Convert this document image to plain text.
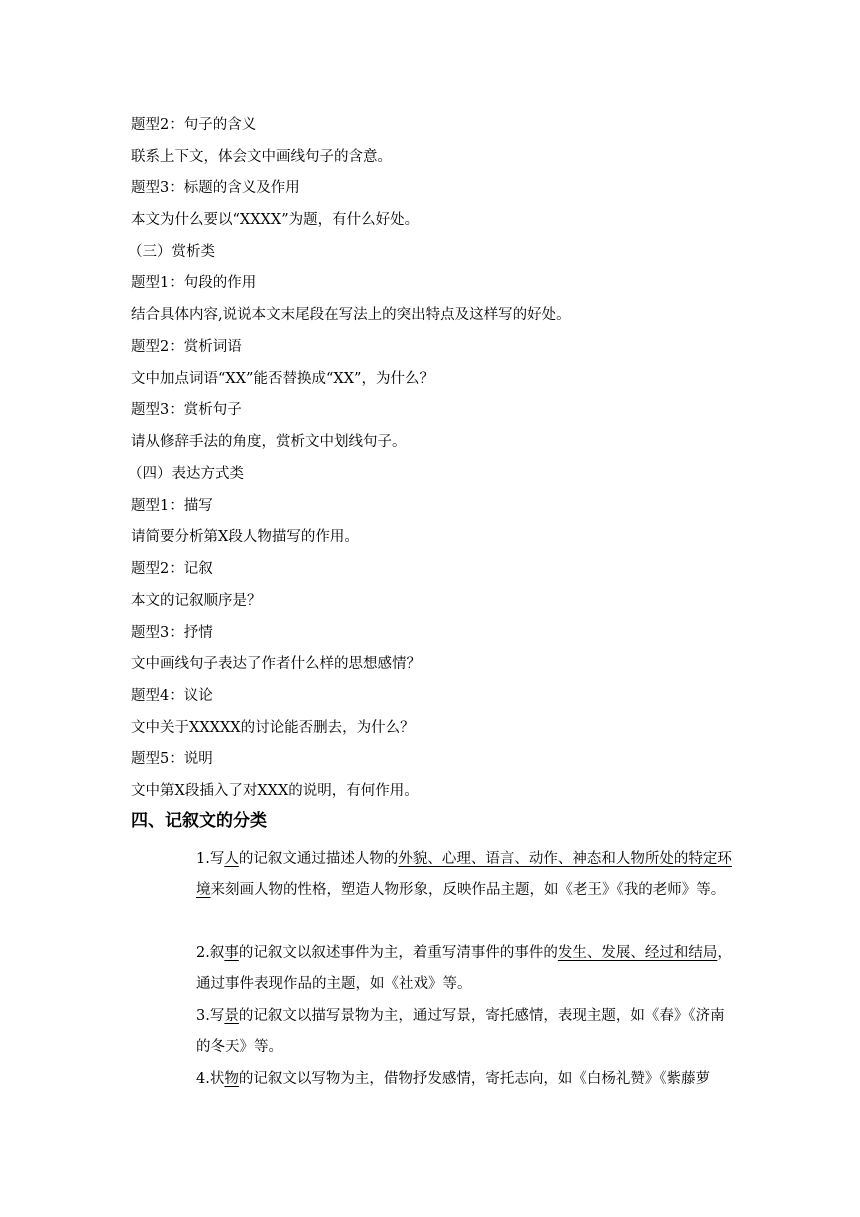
题型2：句子的含义
联系上下文，体会文中画线句子的含意。
题型3：标题的含义及作用
本文为什么要以“XXXX”为题，有什么好处。
（三）赏析类
题型1：句段的作用
结合具体内容,说说本文末尾段在写法上的突出特点及这样写的好处。
题型2：赏析词语
文中加点词语“XX”能否替换成“XX”，为什么？
题型3：赏析句子
请从修辞手法的角度，赏析文中划线句子。
（四）表达方式类
题型1：描写
请简要分析第X段人物描写的作用。
题型2：记叙
本文的记叙顺序是？
题型3：抒情
文中画线句子表达了作者什么样的思想感情？
题型4：议论
文中关于XXXXX的讨论能否删去，为什么？
题型5：说明
文中第X段插入了对XXX的说明，有何作用。
四、记叙文的分类
1.写人的记叙文通过描述人物的外貌、心理、语言、动作、神态和人物所处的特定环境来刻画人物的性格，塑造人物形象，反映作品主题，如《老王》《我的老师》等。
2.叙事的记叙文以叙述事件为主，着重写清事件的事件的发生、发展、经过和结局，通过事件表现作品的主题，如《社戏》等。
3.写景的记叙文以描写景物为主，通过写景，寄托感情，表现主题，如《春》《济南的冬天》等。
4.状物的记叙文以写物为主，借物抒发感情，寄托志向，如《白杨礼赞》《紫藤萝
